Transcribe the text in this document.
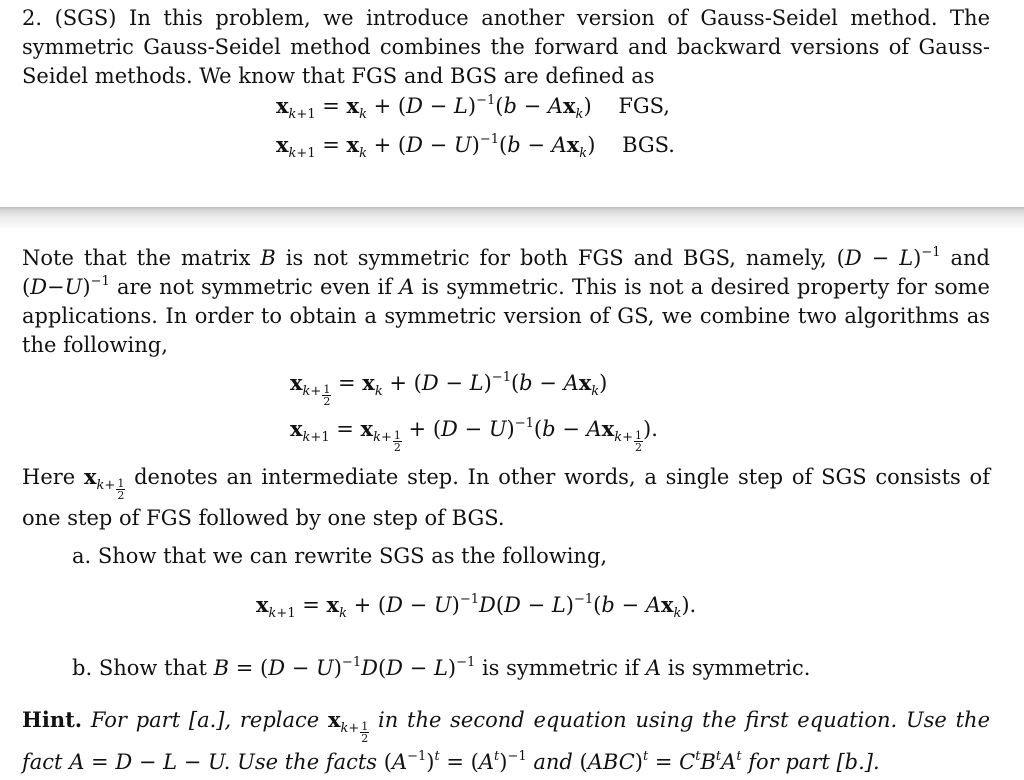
2. (SGS) In this problem, we introduce another version of Gauss-Seidel method. The symmetric Gauss-Seidel method combines the forward and backward versions of Gauss-Seidel methods. We know that FGS and BGS are defined as

$x_{k+1} = x_k + (D - L)^{-1}(b - Ax_k)$ FGS,
$x_{k+1} = x_k + (D - U)^{-1}(b - Ax_k)$ BGS.

Note that the matrix B is not symmetric for both FGS and BGS, namely, $(D - L)^{-1}$ and $(D-U)^{-1}$ are not symmetric even if A is symmetric. This is not a desired property for some applications. In order to obtain a symmetric version of GS, we combine two algorithms as the following,

$x_{k+ \frac{1}{2}}$
= $x_k + (D - L)^{-1}(b - Ax_k)$
$x_{k+1} = x_{k+ \frac{1}{2}}$
+ $(D - U)^{-1}(b - Ax_{k+ \frac{1}{2}}$
).

Here $x_{k+ \frac{1}{2}}$
denotes an intermediate step. In other words, a single step of SGS consists of one step of FGS followed by one step of BGS.

a. Show that we can rewrite SGS as the following,
$x_{k+1} = x_k + (D - U)^{-1}D(D - L)^{-1}(b - Ax_k)$.
b. Show that $B = (D - U)^{-1}D(D - L)^{-1}$ is symmetric if A is symmetric.

Hint. For part [a.], replace $x_{k+ \frac{1}{2}}$
in the second equation using the first equation. Use the fact A = D − L − U. Use the facts $(A^{-1})^t = (A^t)^{-1}$ and $(ABC)^t = C^tB^tA^t$ for part [b.].
